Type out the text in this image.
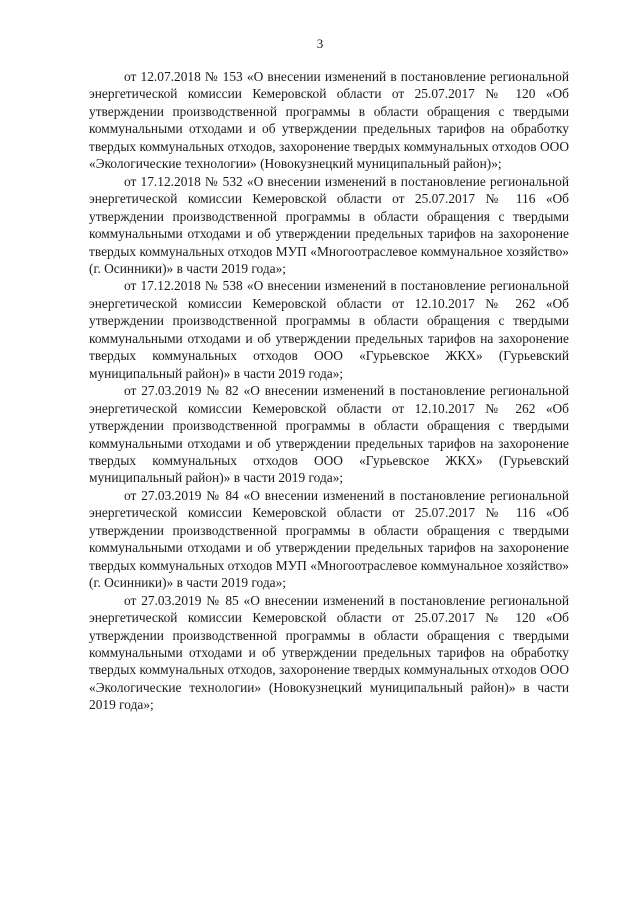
3

от 12.07.2018 № 153 «О внесении изменений в постановление региональной энергетической комиссии Кемеровской области от 25.07.2017 № 120 «Об утверждении производственной программы в области обращения с твердыми коммунальными отходами и об утверждении предельных тарифов на обработку твердых коммунальных отходов, захоронение твердых коммунальных отходов ООО «Экологические технологии» (Новокузнецкий муниципальный район)»;

от 17.12.2018 № 532 «О внесении изменений в постановление региональной энергетической комиссии Кемеровской области от 25.07.2017 № 116 «Об утверждении производственной программы в области обращения с твердыми коммунальными отходами и об утверждении предельных тарифов на захоронение твердых коммунальных отходов МУП «Многоотраслевое коммунальное хозяйство» (г. Осинники)» в части 2019 года»;

от 17.12.2018 № 538 «О внесении изменений в постановление региональной энергетической комиссии Кемеровской области от 12.10.2017 № 262 «Об утверждении производственной программы в области обращения с твердыми коммунальными отходами и об утверждении предельных тарифов на захоронение твердых коммунальных отходов ООО «Гурьевское ЖКХ» (Гурьевский муниципальный район)» в части 2019 года»;

от 27.03.2019 № 82 «О внесении изменений в постановление региональной энергетической комиссии Кемеровской области от 12.10.2017 № 262 «Об утверждении производственной программы в области обращения с твердыми коммунальными отходами и об утверждении предельных тарифов на захоронение твердых коммунальных отходов ООО «Гурьевское ЖКХ» (Гурьевский муниципальный район)» в части 2019 года»;

от 27.03.2019 № 84 «О внесении изменений в постановление региональной энергетической комиссии Кемеровской области от 25.07.2017 № 116 «Об утверждении производственной программы в области обращения с твердыми коммунальными отходами и об утверждении предельных тарифов на захоронение твердых коммунальных отходов МУП «Многоотраслевое коммунальное хозяйство» (г. Осинники)» в части 2019 года»;

от 27.03.2019 № 85 «О внесении изменений в постановление региональной энергетической комиссии Кемеровской области от 25.07.2017 № 120 «Об утверждении производственной программы в области обращения с твердыми коммунальными отходами и об утверждении предельных тарифов на обработку твердых коммунальных отходов, захоронение твердых коммунальных отходов ООО «Экологические технологии» (Новокузнецкий муниципальный район)» в части 2019 года»;
